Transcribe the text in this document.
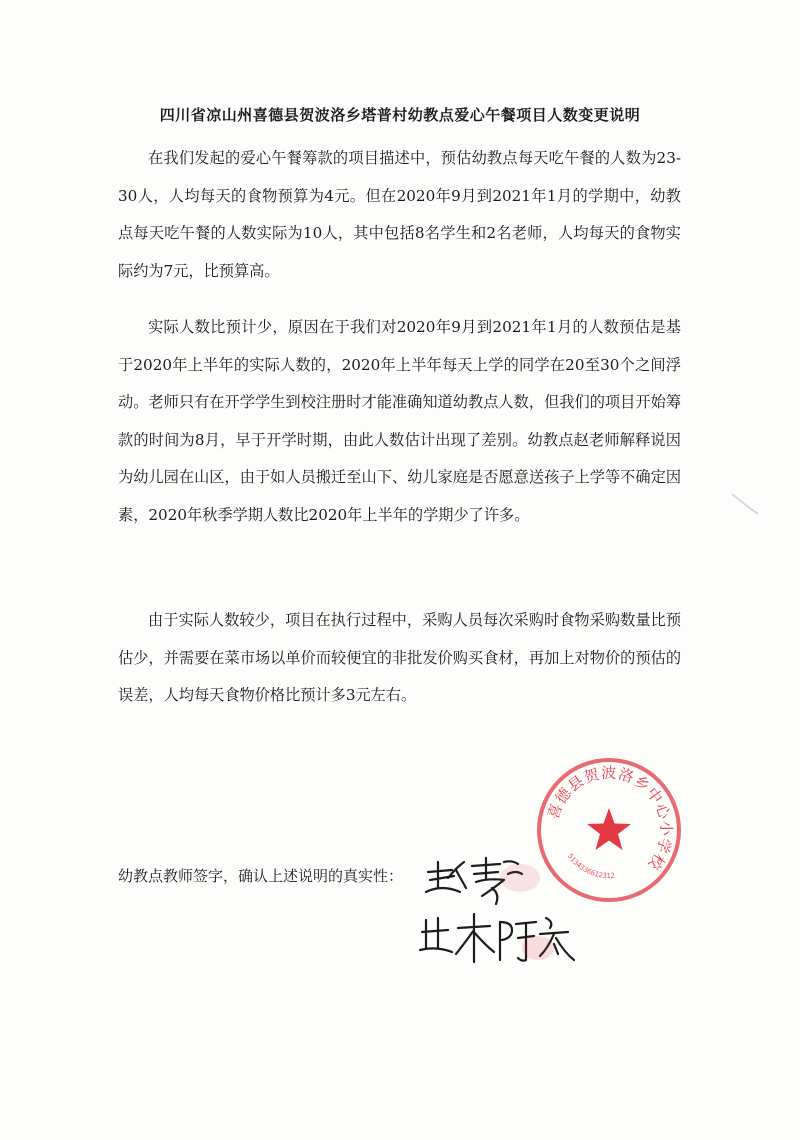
四川省凉山州喜德县贺波洛乡塔普村幼教点爱心午餐项目人数变更说明

在我们发起的爱心午餐筹款的项目描述中，预估幼教点每天吃午餐的人数为23-30人，人均每天的食物预算为4元。但在2020年9月到2021年1月的学期中，幼教点每天吃午餐的人数实际为10人，其中包括8名学生和2名老师，人均每天的食物实际约为7元，比预算高。

实际人数比预计少，原因在于我们对2020年9月到2021年1月的人数预估是基于2020年上半年的实际人数的，2020年上半年每天上学的同学在20至30个之间浮动。老师只有在开学学生到校注册时才能准确知道幼教点人数，但我们的项目开始筹款的时间为8月，早于开学时期，由此人数估计出现了差别。幼教点赵老师解释说因为幼儿园在山区，由于如人员搬迁至山下、幼儿家庭是否愿意送孩子上学等不确定因素，2020年秋季学期人数比2020年上半年的学期少了许多。

由于实际人数较少，项目在执行过程中，采购人员每次采购时食物采购数量比预估少，并需要在菜市场以单价而较便宜的非批发价购买食材，再加上对物价的预估的误差，人均每天食物价格比预计多3元左右。

幼教点教师签字，确认上述说明的真实性：
喜德县贺波洛乡中心小学校
5134336612312
